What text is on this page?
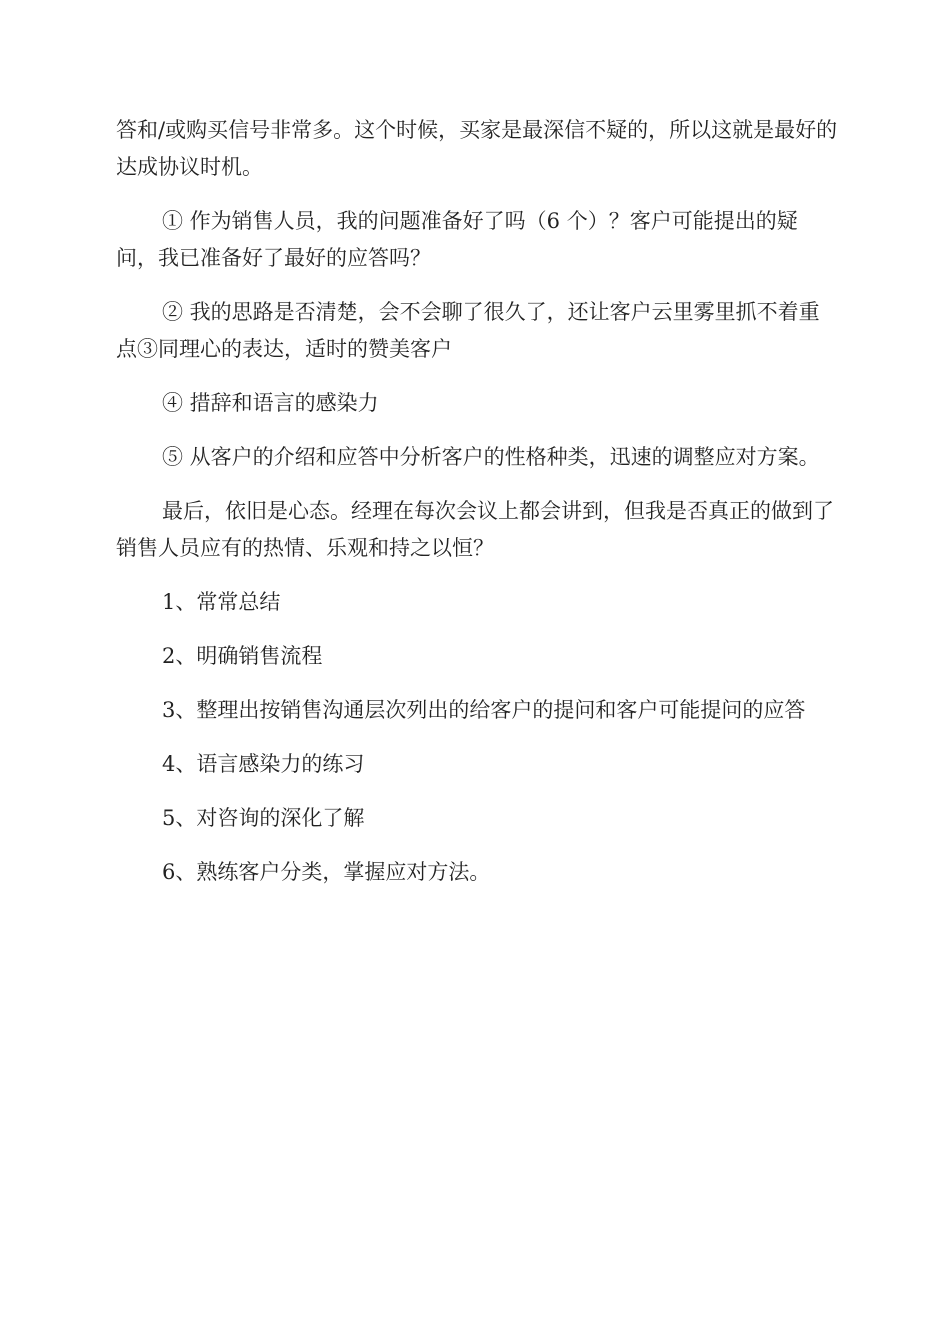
答和/或购买信号非常多。这个时候，买家是最深信不疑的，所以这就是最好的达成协议时机。

① 作为销售人员，我的问题准备好了吗（6 个）？客户可能提出的疑问，我已准备好了最好的应答吗？

② 我的思路是否清楚，会不会聊了很久了，还让客户云里雾里抓不着重点③同理心的表达，适时的赞美客户

④ 措辞和语言的感染力

⑤ 从客户的介绍和应答中分析客户的性格种类，迅速的调整应对方案。

最后，依旧是心态。经理在每次会议上都会讲到，但我是否真正的做到了销售人员应有的热情、乐观和持之以恒？

1、常常总结

2、明确销售流程

3、整理出按销售沟通层次列出的给客户的提问和客户可能提问的应答

4、语言感染力的练习

5、对咨询的深化了解

6、熟练客户分类，掌握应对方法。
